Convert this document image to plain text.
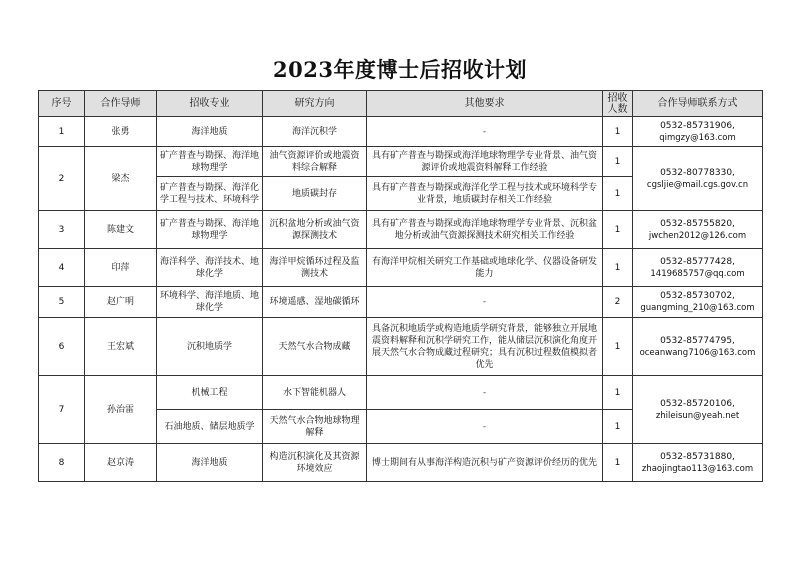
2023年度博士后招收计划
序号	合作导师	招收专业	研究方向	其他要求	招收
人数	合作导师联系方式
1	张勇	海洋地质	海洋沉积学	-	1	0532-85731906,
qimgzy@163.com

2	梁杰	矿产普查与勘探、海洋地球物理学	油气资源评价或地震资料综合解释	具有矿产普查与勘探或海洋地球物理学专业背景、油气资源评价或地震资料解释工作经验	1	0532-80778330,
cgsljie@mail.cgs.gov.cn

		矿产普查与勘探、海洋化学工程与技术、环境科学	地质碳封存	具有矿产普查与勘探或海洋化学工程与技术或环境科学专业背景，地质碳封存相关工作经验	1	
3	陈建文	矿产普查与勘探、海洋地球物理学	沉积盆地分析或油气资源探测技术	具有矿产普查与勘探或海洋地球物理学专业背景、沉积盆地分析或油气资源探测技术研究相关工作经验	1	0532-85755820,
jwchen2012@126.com

4	印萍	海洋科学、海洋技术、地球化学	海洋甲烷循环过程及监测技术	有海洋甲烷相关研究工作基础或地球化学、仪器设备研发能力	1	0532-85777428,
1419685757@qq.com

5	赵广明	环境科学、海洋地质、地球化学	环境遥感、湿地碳循环	-	2	0532-85730702,
guangming_210@163.com

6	王宏斌	沉积地质学	天然气水合物成藏	具备沉积地质学或构造地质学研究背景，能够独立开展地震资料解释和沉积学研究工作，能从储层沉积演化角度开展天然气水合物成藏过程研究；具有沉积过程数值模拟者优先	1	0532-85774795,
oceanwang7106@163.com

7	孙治雷	机械工程	水下智能机器人	-	1	0532-85720106,
zhileisun@yeah.net

		石油地质、储层地质学	天然气水合物地球物理解释	-	1	
8	赵京涛	海洋地质	构造沉积演化及其资源环境效应	博士期间有从事海洋构造沉积与矿产资源评价经历的优先	1	0532-85731880,
zhaojingtao113@163.com
